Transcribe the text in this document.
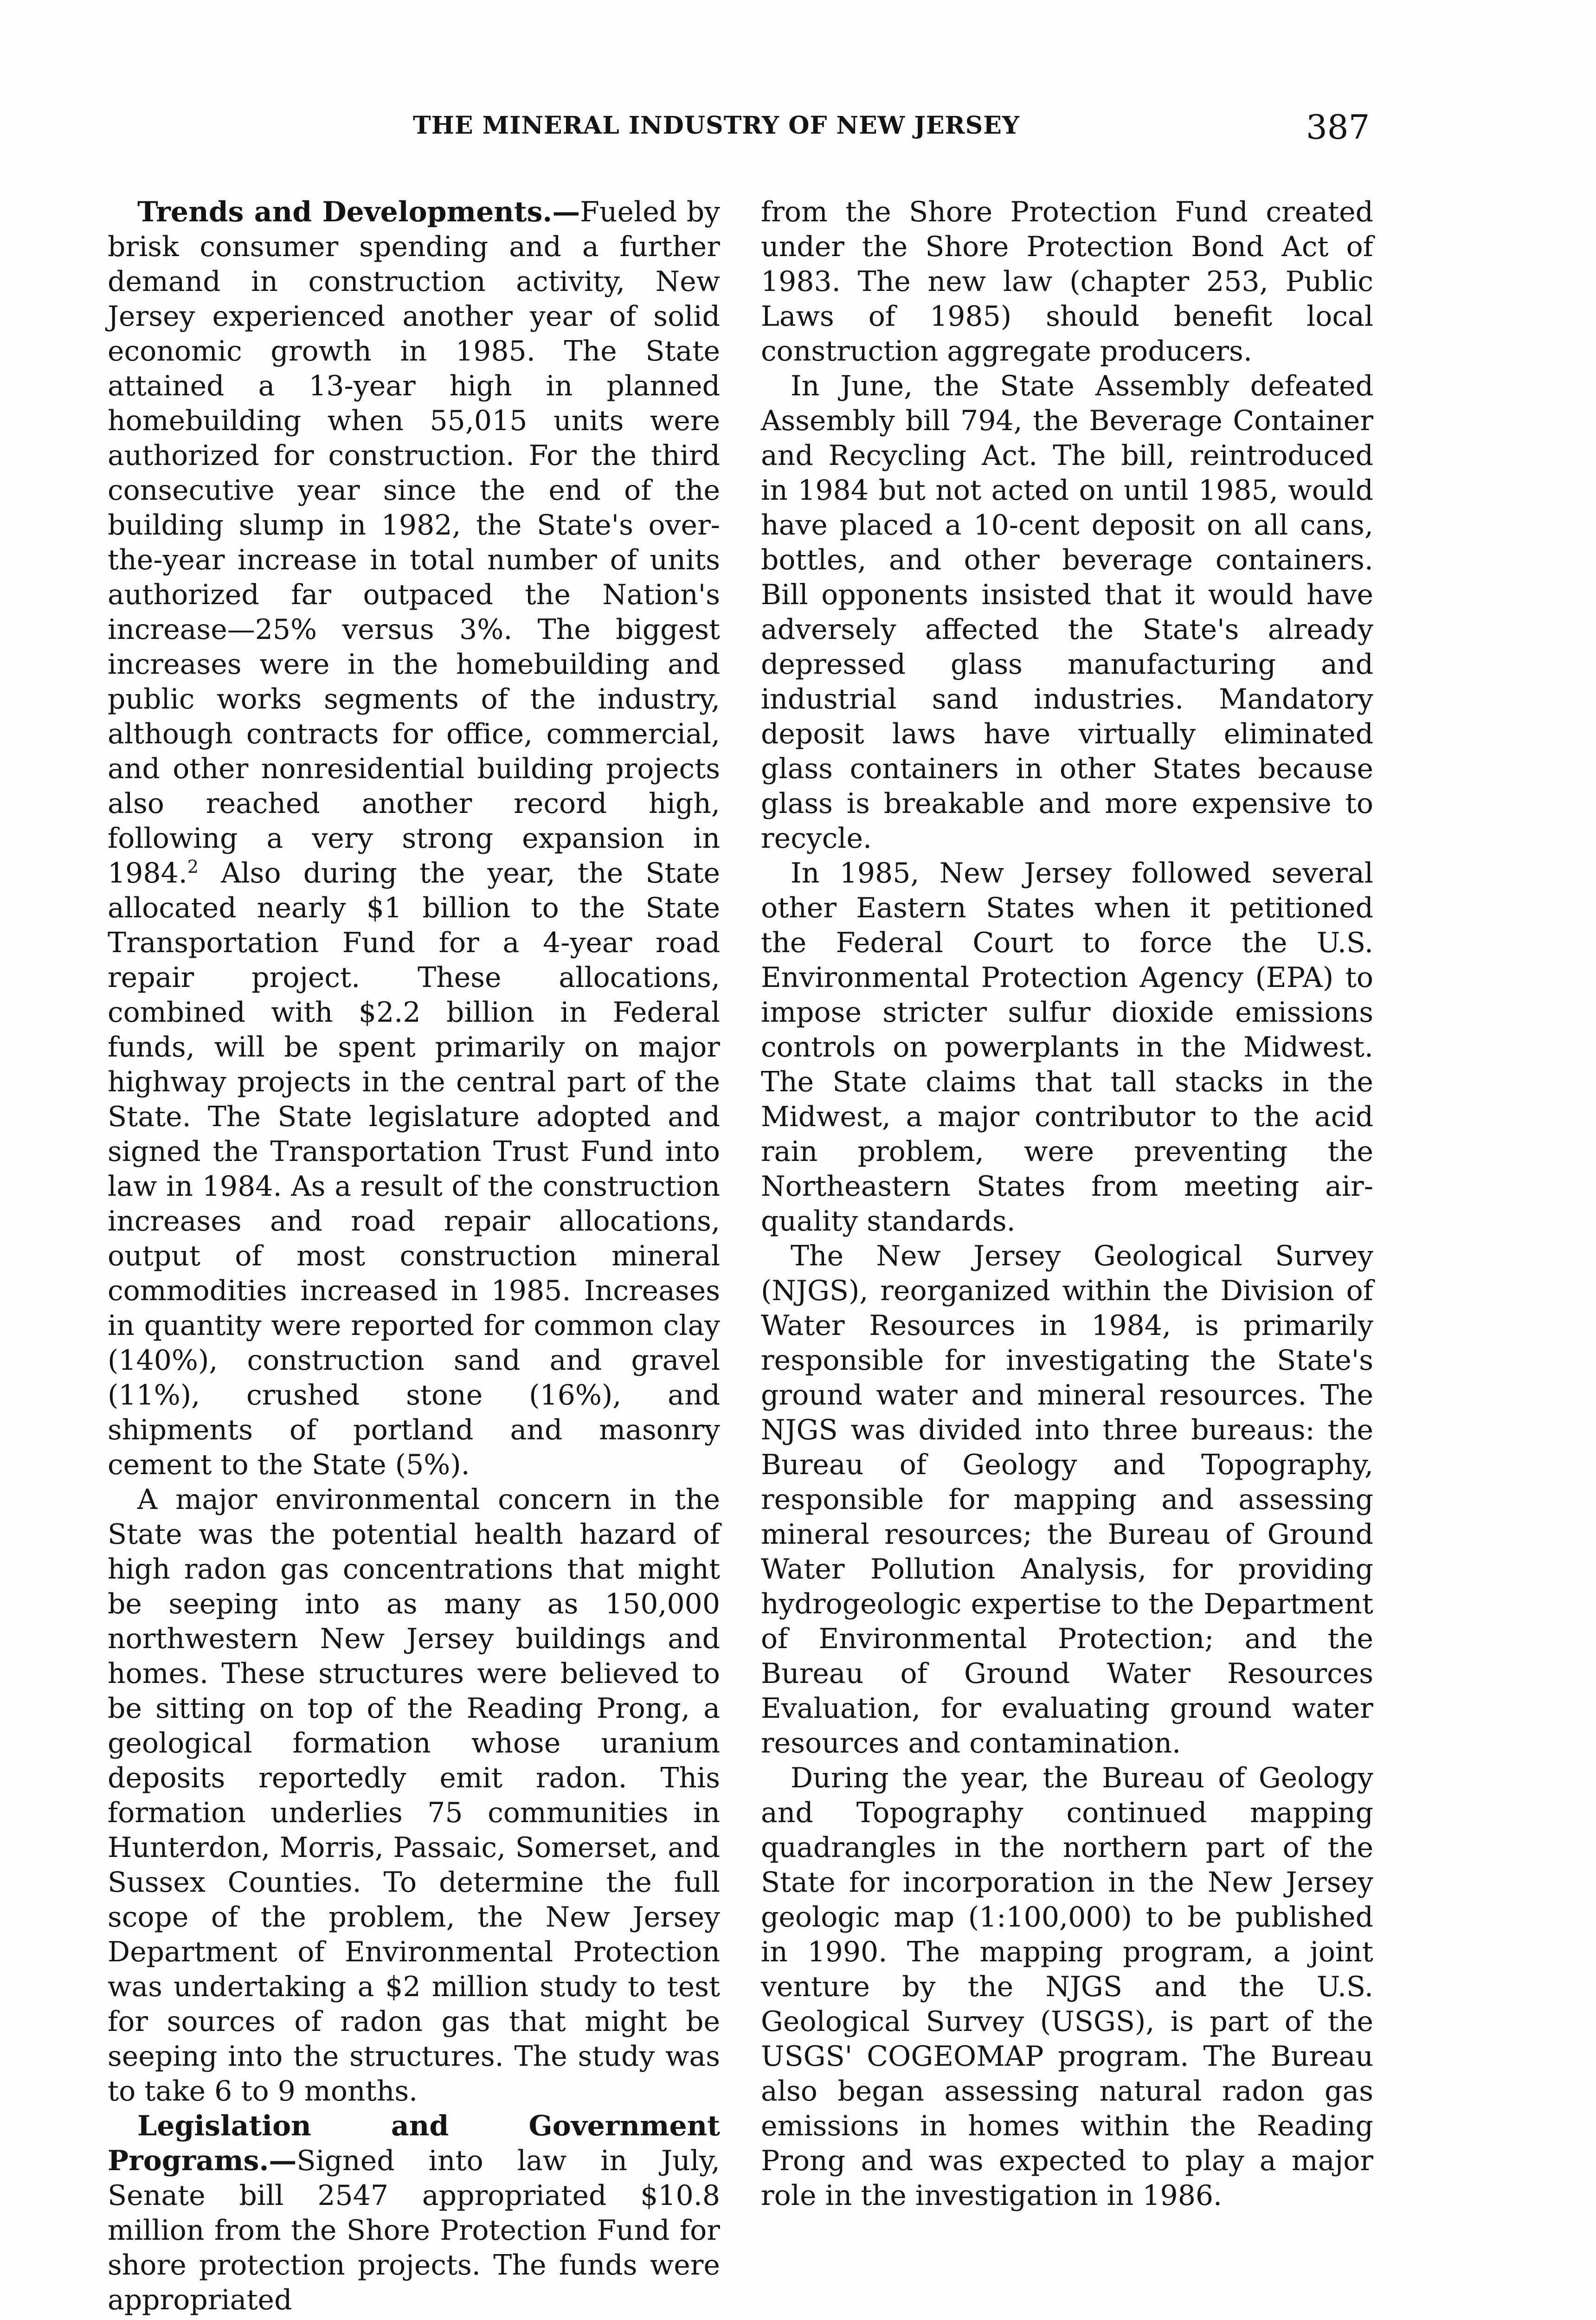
THE MINERAL INDUSTRY OF NEW JERSEY	387

Trends and Developments.—Fueled by brisk consumer spending and a further demand in construction activity, New Jersey experienced another year of solid economic growth in 1985. The State attained a 13-year high in planned homebuilding when 55,015 units were authorized for construction. For the third consecutive year since the end of the building slump in 1982, the State's over-the-year increase in total number of units authorized far outpaced the Nation's increase—25% versus 3%. The biggest increases were in the homebuilding and public works segments of the industry, although contracts for office, commercial, and other nonresidential building projects also reached another record high, following a very strong expansion in 1984.$^2$ Also during the year, the State allocated nearly $1 billion to the State Transportation Fund for a 4-year road repair project. These allocations, combined with $2.2 billion in Federal funds, will be spent primarily on major highway projects in the central part of the State. The State legislature adopted and signed the Transportation Trust Fund into law in 1984. As a result of the construction increases and road repair allocations, output of most construction mineral commodities increased in 1985. Increases in quantity were reported for common clay (140%), construction sand and gravel (11%), crushed stone (16%), and shipments of portland and masonry cement to the State (5%).

A major environmental concern in the State was the potential health hazard of high radon gas concentrations that might be seeping into as many as 150,000 northwestern New Jersey buildings and homes. These structures were believed to be sitting on top of the Reading Prong, a geological formation whose uranium deposits reportedly emit radon. This formation underlies 75 communities in Hunterdon, Morris, Passaic, Somerset, and Sussex Counties. To determine the full scope of the problem, the New Jersey Department of Environmental Protection was undertaking a $2 million study to test for sources of radon gas that might be seeping into the structures. The study was to take 6 to 9 months.

Legislation and Government Programs.—Signed into law in July, Senate bill 2547 appropriated $10.8 million from the Shore Protection Fund for shore protection projects. The funds were appropriated

from the Shore Protection Fund created under the Shore Protection Bond Act of 1983. The new law (chapter 253, Public Laws of 1985) should benefit local construction aggregate producers.

In June, the State Assembly defeated Assembly bill 794, the Beverage Container and Recycling Act. The bill, reintroduced in 1984 but not acted on until 1985, would have placed a 10-cent deposit on all cans, bottles, and other beverage containers. Bill opponents insisted that it would have adversely affected the State's already depressed glass manufacturing and industrial sand industries. Mandatory deposit laws have virtually eliminated glass containers in other States because glass is breakable and more expensive to recycle.

In 1985, New Jersey followed several other Eastern States when it petitioned the Federal Court to force the U.S. Environmental Protection Agency (EPA) to impose stricter sulfur dioxide emissions controls on powerplants in the Midwest. The State claims that tall stacks in the Midwest, a major contributor to the acid rain problem, were preventing the Northeastern States from meeting air-quality standards.

The New Jersey Geological Survey (NJGS), reorganized within the Division of Water Resources in 1984, is primarily responsible for investigating the State's ground water and mineral resources. The NJGS was divided into three bureaus: the Bureau of Geology and Topography, responsible for mapping and assessing mineral resources; the Bureau of Ground Water Pollution Analysis, for providing hydrogeologic expertise to the Department of Environmental Protection; and the Bureau of Ground Water Resources Evaluation, for evaluating ground water resources and contamination.

During the year, the Bureau of Geology and Topography continued mapping quadrangles in the northern part of the State for incorporation in the New Jersey geologic map (1:100,000) to be published in 1990. The mapping program, a joint venture by the NJGS and the U.S. Geological Survey (USGS), is part of the USGS' COGEOMAP program. The Bureau also began assessing natural radon gas emissions in homes within the Reading Prong and was expected to play a major role in the investigation in 1986.
